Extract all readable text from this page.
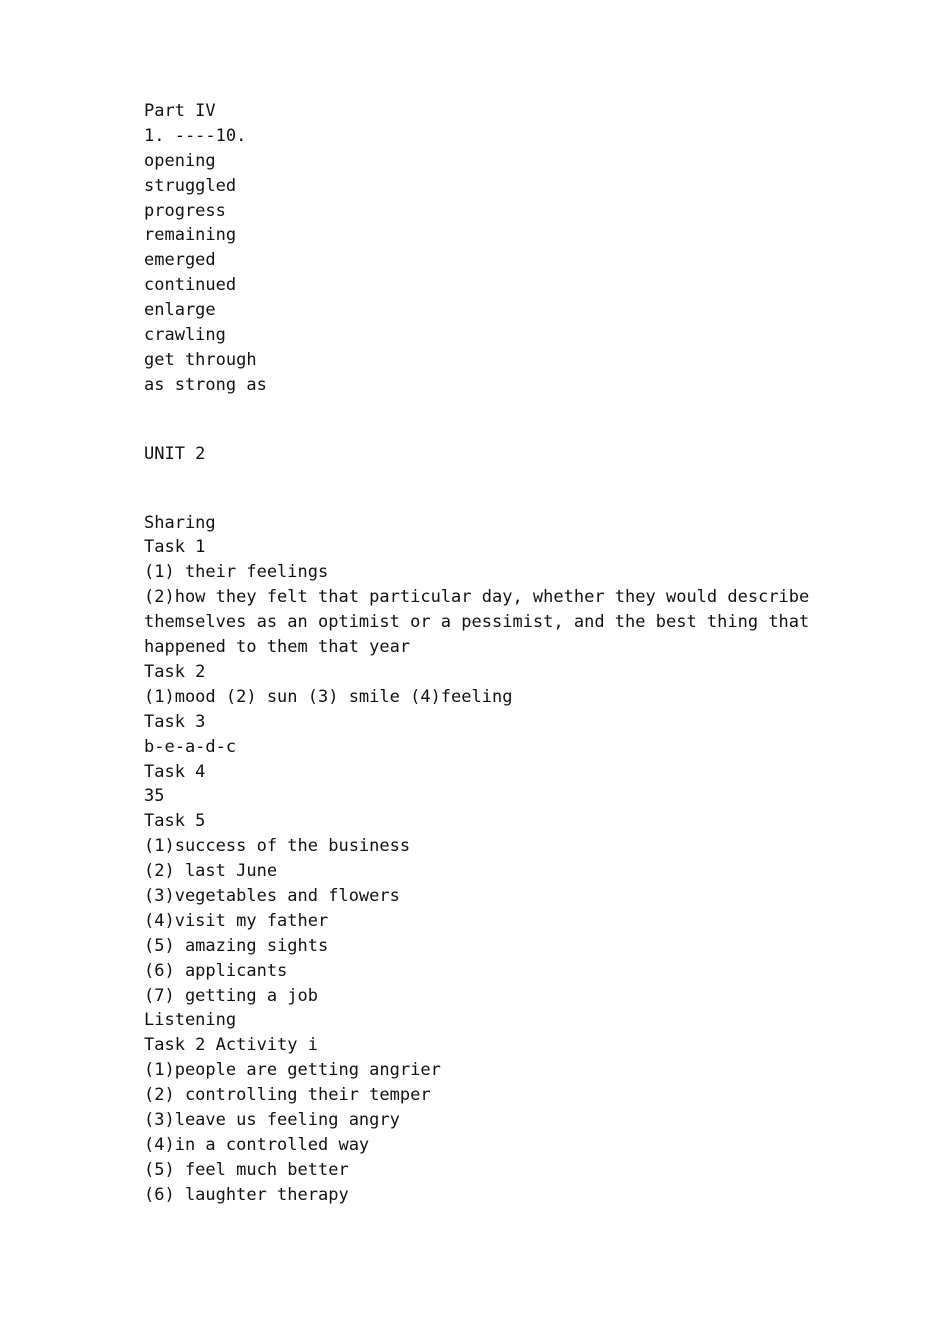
Part IV

1. ----10.

opening

struggled

progress

remaining

emerged

continued

enlarge

crawling

get through

as strong as

UNIT 2

Sharing

Task 1

(1) their feelings

(2)how they felt that particular day, whether they would describe themselves as an optimist or a pessimist, and the best thing that happened to them that year

Task 2

(1)mood (2) sun (3) smile (4)feeling

Task 3

b-e-a-d-c

Task 4

35

Task 5

(1)success of the business

(2) last June

(3)vegetables and flowers

(4)visit my father

(5) amazing sights

(6) applicants

(7) getting a job

Listening

Task 2 Activity i

(1)people are getting angrier

(2) controlling their temper

(3)leave us feeling angry

(4)in a controlled way

(5) feel much better

(6) laughter therapy
